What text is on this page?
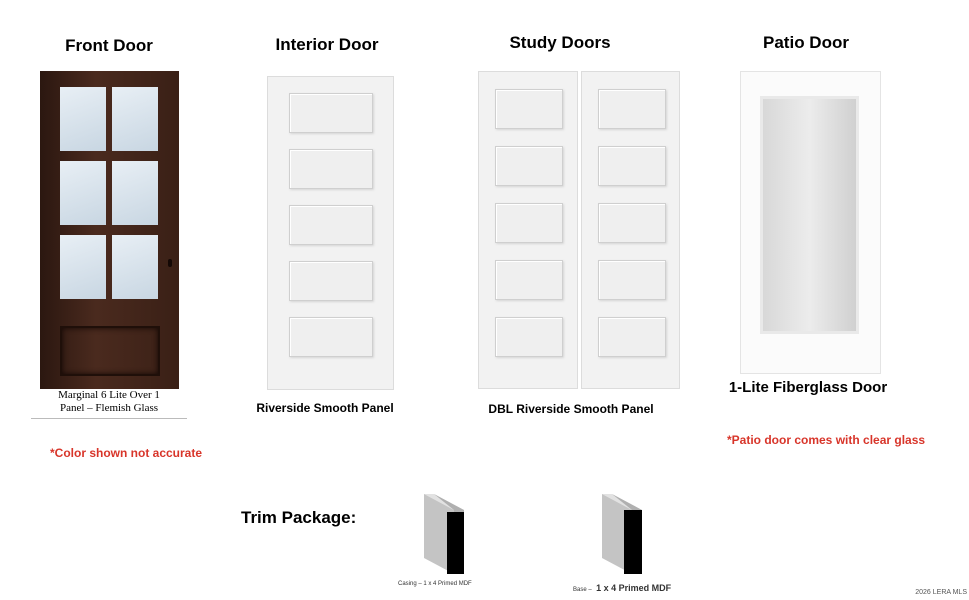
Front Door	Interior Door	Study Doors	Patio Door
Marginal 6 Lite Over 1
Panel – Flemish Glass
*Color shown not accurate
Riverside Smooth Panel	DBL Riverside Smooth Panel
1-Lite Fiberglass Door
*Patio door comes with clear glass
Trim Package:
Casing – 1 x 4 Primed MDF
Base – 1 x 4 Primed MDF	2026 LERA MLS
